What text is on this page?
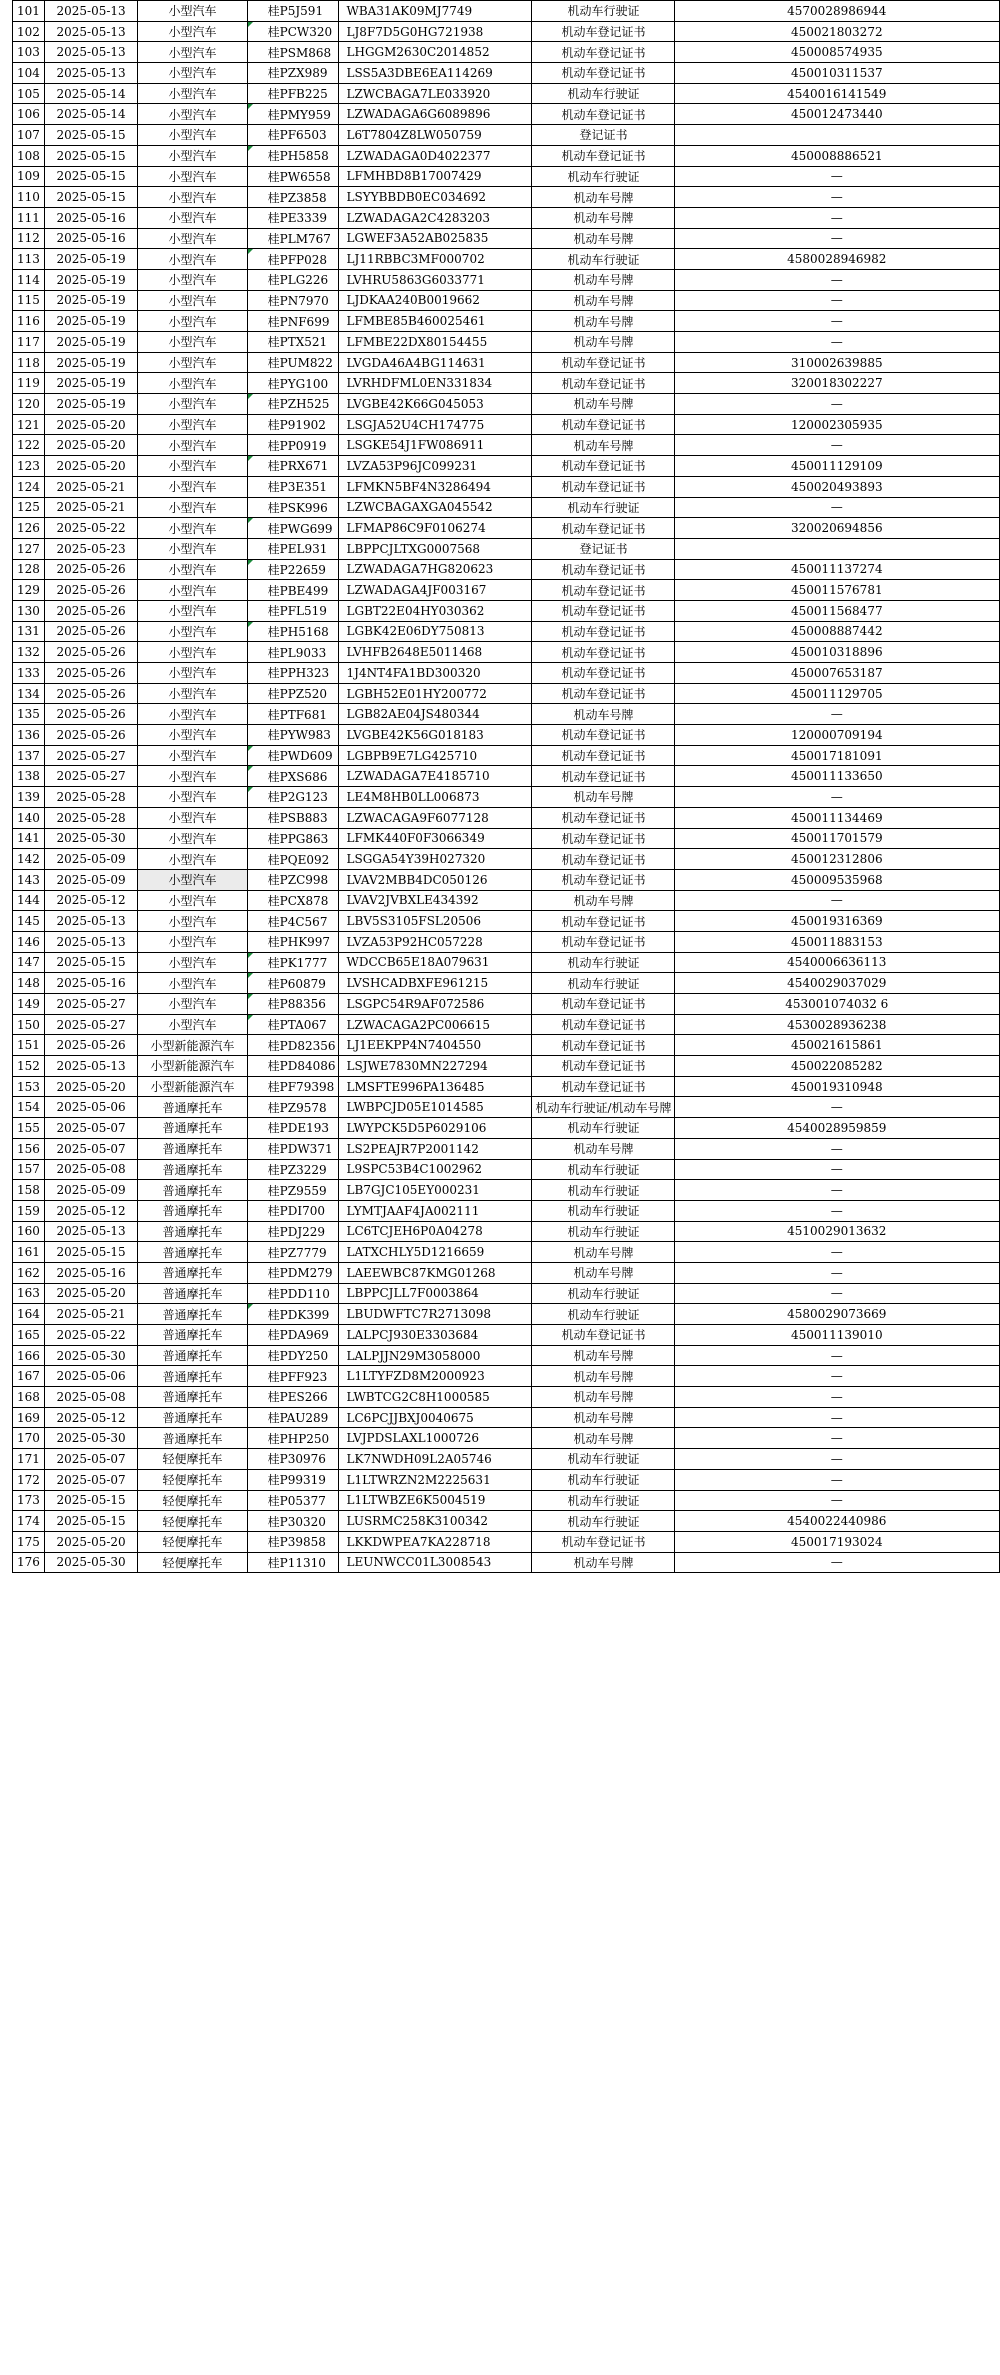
101	2025-05-13	小型汽车	桂P5J591	WBA31AK09MJ7749	机动车行驶证	4570028986944
102	2025-05-13	小型汽车	桂PCW320	LJ8F7D5G0HG721938	机动车登记证书	450021803272
103	2025-05-13	小型汽车	桂PSM868	LHGGM2630C2014852	机动车登记证书	450008574935
104	2025-05-13	小型汽车	桂PZX989	LSS5A3DBE6EA114269	机动车登记证书	450010311537
105	2025-05-14	小型汽车	桂PFB225	LZWCBAGA7LE033920	机动车行驶证	4540016141549
106	2025-05-14	小型汽车	桂PMY959	LZWADAGA6G6089896	机动车登记证书	450012473440
107	2025-05-15	小型汽车	桂PF6503	L6T7804Z8LW050759	登记证书	
108	2025-05-15	小型汽车	桂PH5858	LZWADAGA0D4022377	机动车登记证书	450008886521
109	2025-05-15	小型汽车	桂PW6558	LFMHBD8B17007429	机动车行驶证	—
110	2025-05-15	小型汽车	桂PZ3858	LSYYBBDB0EC034692	机动车号牌	—
111	2025-05-16	小型汽车	桂PE3339	LZWADAGA2C4283203	机动车号牌	—
112	2025-05-16	小型汽车	桂PLM767	LGWEF3A52AB025835	机动车号牌	—
113	2025-05-19	小型汽车	桂PFP028	LJ11RBBC3MF000702	机动车行驶证	4580028946982
114	2025-05-19	小型汽车	桂PLG226	LVHRU5863G6033771	机动车号牌	—
115	2025-05-19	小型汽车	桂PN7970	LJDKAA240B0019662	机动车号牌	—
116	2025-05-19	小型汽车	桂PNF699	LFMBE85B460025461	机动车号牌	—
117	2025-05-19	小型汽车	桂PTX521	LFMBE22DX80154455	机动车号牌	—
118	2025-05-19	小型汽车	桂PUM822	LVGDA46A4BG114631	机动车登记证书	310002639885
119	2025-05-19	小型汽车	桂PYG100	LVRHDFML0EN331834	机动车登记证书	320018302227
120	2025-05-19	小型汽车	桂PZH525	LVGBE42K66G045053	机动车号牌	—
121	2025-05-20	小型汽车	桂P91902	LSGJA52U4CH174775	机动车登记证书	120002305935
122	2025-05-20	小型汽车	桂PP0919	LSGKE54J1FW086911	机动车号牌	—
123	2025-05-20	小型汽车	桂PRX671	LVZA53P96JC099231	机动车登记证书	450011129109
124	2025-05-21	小型汽车	桂P3E351	LFMKN5BF4N3286494	机动车登记证书	450020493893
125	2025-05-21	小型汽车	桂PSK996	LZWCBAGAXGA045542	机动车行驶证	—
126	2025-05-22	小型汽车	桂PWG699	LFMAP86C9F0106274	机动车登记证书	320020694856
127	2025-05-23	小型汽车	桂PEL931	LBPPCJLTXG0007568	登记证书	
128	2025-05-26	小型汽车	桂P22659	LZWADAGA7HG820623	机动车登记证书	450011137274
129	2025-05-26	小型汽车	桂PBE499	LZWADAGA4JF003167	机动车登记证书	450011576781
130	2025-05-26	小型汽车	桂PFL519	LGBT22E04HY030362	机动车登记证书	450011568477
131	2025-05-26	小型汽车	桂PH5168	LGBK42E06DY750813	机动车登记证书	450008887442
132	2025-05-26	小型汽车	桂PL9033	LVHFB2648E5011468	机动车登记证书	450010318896
133	2025-05-26	小型汽车	桂PPH323	1J4NT4FA1BD300320	机动车登记证书	450007653187
134	2025-05-26	小型汽车	桂PPZ520	LGBH52E01HY200772	机动车登记证书	450011129705
135	2025-05-26	小型汽车	桂PTF681	LGB82AE04JS480344	机动车号牌	—
136	2025-05-26	小型汽车	桂PYW983	LVGBE42K56G018183	机动车登记证书	120000709194
137	2025-05-27	小型汽车	桂PWD609	LGBPB9E7LG425710	机动车登记证书	450017181091
138	2025-05-27	小型汽车	桂PXS686	LZWADAGA7E4185710	机动车登记证书	450011133650
139	2025-05-28	小型汽车	桂P2G123	LE4M8HB0LL006873	机动车号牌	—
140	2025-05-28	小型汽车	桂PSB883	LZWACAGA9F6077128	机动车登记证书	450011134469
141	2025-05-30	小型汽车	桂PPG863	LFMK440F0F3066349	机动车登记证书	450011701579
142	2025-05-09	小型汽车	桂PQE092	LSGGA54Y39H027320	机动车登记证书	450012312806
143	2025-05-09	小型汽车	桂PZC998	LVAV2MBB4DC050126	机动车登记证书	450009535968
144	2025-05-12	小型汽车	桂PCX878	LVAV2JVBXLE434392	机动车号牌	—
145	2025-05-13	小型汽车	桂P4C567	LBV5S3105FSL20506	机动车登记证书	450019316369
146	2025-05-13	小型汽车	桂PHK997	LVZA53P92HC057228	机动车登记证书	450011883153
147	2025-05-15	小型汽车	桂PK1777	WDCCB65E18A079631	机动车行驶证	4540006636113
148	2025-05-16	小型汽车	桂P60879	LVSHCADBXFE961215	机动车行驶证	4540029037029
149	2025-05-27	小型汽车	桂P88356	LSGPC54R9AF072586	机动车登记证书	453001074032 6
150	2025-05-27	小型汽车	桂PTA067	LZWACAGA2PC006615	机动车登记证书	4530028936238
151	2025-05-26	小型新能源汽车	桂PD82356	LJ1EEKPP4N7404550	机动车登记证书	450021615861
152	2025-05-13	小型新能源汽车	桂PD84086	LSJWE7830MN227294	机动车登记证书	450022085282
153	2025-05-20	小型新能源汽车	桂PF79398	LMSFTE996PA136485	机动车登记证书	450019310948
154	2025-05-06	普通摩托车	桂PZ9578	LWBPCJD05E1014585	机动车行驶证/机动车号牌	—
155	2025-05-07	普通摩托车	桂PDE193	LWYPCK5D5P6029106	机动车行驶证	4540028959859
156	2025-05-07	普通摩托车	桂PDW371	LS2PEAJR7P2001142	机动车号牌	—
157	2025-05-08	普通摩托车	桂PZ3229	L9SPC53B4C1002962	机动车行驶证	—
158	2025-05-09	普通摩托车	桂PZ9559	LB7GJC105EY000231	机动车行驶证	—
159	2025-05-12	普通摩托车	桂PDI700	LYMTJAAF4JA002111	机动车行驶证	—
160	2025-05-13	普通摩托车	桂PDJ229	LC6TCJEH6P0A04278	机动车行驶证	4510029013632
161	2025-05-15	普通摩托车	桂PZ7779	LATXCHLY5D1216659	机动车号牌	—
162	2025-05-16	普通摩托车	桂PDM279	LAEEWBC87KMG01268	机动车号牌	—
163	2025-05-20	普通摩托车	桂PDD110	LBPPCJLL7F0003864	机动车行驶证	—
164	2025-05-21	普通摩托车	桂PDK399	LBUDWFTC7R2713098	机动车行驶证	4580029073669
165	2025-05-22	普通摩托车	桂PDA969	LALPCJ930E3303684	机动车登记证书	450011139010
166	2025-05-30	普通摩托车	桂PDY250	LALPJJN29M3058000	机动车号牌	—
167	2025-05-06	普通摩托车	桂PFF923	L1LTYFZD8M2000923	机动车号牌	—
168	2025-05-08	普通摩托车	桂PES266	LWBTCG2C8H1000585	机动车号牌	—
169	2025-05-12	普通摩托车	桂PAU289	LC6PCJJBXJ0040675	机动车号牌	—
170	2025-05-30	普通摩托车	桂PHP250	LVJPDSLAXL1000726	机动车号牌	—
171	2025-05-07	轻便摩托车	桂P30976	LK7NWDH09L2A05746	机动车行驶证	—
172	2025-05-07	轻便摩托车	桂P99319	L1LTWRZN2M2225631	机动车行驶证	—
173	2025-05-15	轻便摩托车	桂P05377	L1LTWBZE6K5004519	机动车行驶证	—
174	2025-05-15	轻便摩托车	桂P30320	LUSRMC258K3100342	机动车行驶证	4540022440986
175	2025-05-20	轻便摩托车	桂P39858	LKKDWPEA7KA228718	机动车登记证书	450017193024
176	2025-05-30	轻便摩托车	桂P11310	LEUNWCC01L3008543	机动车号牌	—
